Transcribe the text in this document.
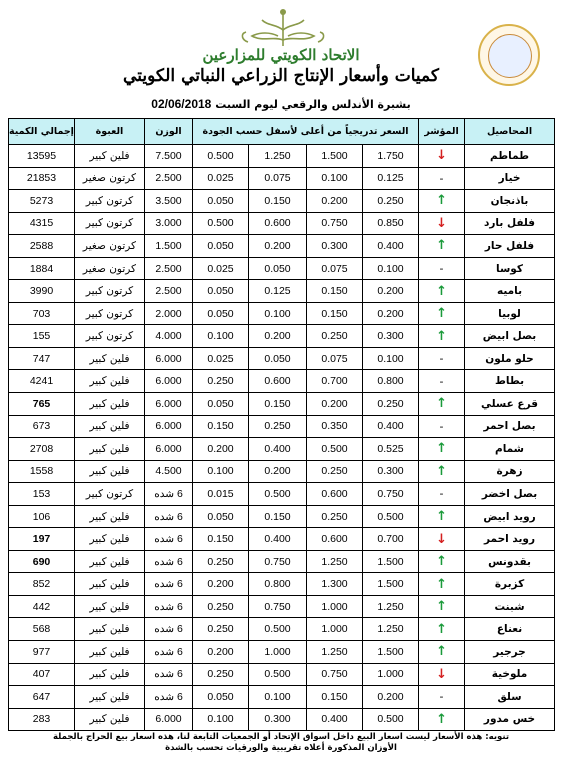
الاتحاد الكويتي للمزارعين
كميات وأسعار الإنتاج الزراعي النباتي الكويتي
بشبرة الأندلس والرقعي ليوم السبت 02/06/2018
المحاصيل	المؤشر	السعر تدريجياً من أعلى لأسفل حسب الجودة				الوزن	العبوة	إجمالي الكمية
طماطم	↓	1.750	1.500	1.250	0.500	7.500	فلين كبير	13595
خيار	-	0.125	0.100	0.075	0.025	2.500	كرتون صغير	21853
باذنجان	↑	0.250	0.200	0.150	0.050	3.500	كرتون كبير	5273
فلفل بارد	↓	0.850	0.750	0.600	0.500	3.000	كرتون كبير	4315
فلفل حار	↑	0.400	0.300	0.200	0.050	1.500	كرتون صغير	2588
كوسا	-	0.100	0.075	0.050	0.025	2.500	كرتون صغير	1884
باميه	↑	0.200	0.150	0.125	0.050	2.500	كرتون كبير	3990
لوبيا	↑	0.200	0.150	0.100	0.050	2.000	كرتون كبير	703
بصل ابيض	↑	0.300	0.250	0.200	0.100	4.000	كرتون كبير	155
حلو ملون	-	0.100	0.075	0.050	0.025	6.000	فلين كبير	747
بطاط	-	0.800	0.700	0.600	0.250	6.000	فلين كبير	4241
قرع عسلي	↑	0.250	0.200	0.150	0.050	6.000	فلين كبير	765
بصل احمر	-	0.400	0.350	0.250	0.150	6.000	فلين كبير	673
شمام	↑	0.525	0.500	0.400	0.200	6.000	فلين كبير	2708
زهرة	↑	0.300	0.250	0.200	0.100	4.500	فلين كبير	1558
بصل اخضر	-	0.750	0.600	0.500	0.015	6 شده	كرتون كبير	153
رويد ابيض	↑	0.500	0.250	0.150	0.050	6 شده	فلين كبير	106
رويد احمر	↓	0.700	0.600	0.400	0.150	6 شده	فلين كبير	197
بقدونس	↑	1.500	1.250	0.750	0.250	6 شده	فلين كبير	690
كزبرة	↑	1.500	1.300	0.800	0.200	6 شده	فلين كبير	852
شبنت	↑	1.250	1.000	0.750	0.250	6 شده	فلين كبير	442
نعناع	↑	1.250	1.000	0.500	0.250	6 شده	فلين كبير	568
جرجير	↑	1.500	1.250	1.000	0.200	6 شده	فلين كبير	977
ملوخية	↓	1.000	0.750	0.500	0.250	6 شده	فلين كبير	407
سلق	-	0.200	0.150	0.100	0.050	6 شده	فلين كبير	647
خس مدور	↑	0.500	0.400	0.300	0.100	6.000	فلين كبير	283

تنويه: هذه الأسعار ليست اسعار البيع داخل اسواق الإتحاد أو الجمعيات التابعة لنا، هذه اسعار بيع الحراج بالجملة

الأوزان المذكورة أعلاه تقريبية والورقيات تحسب بالشدة
